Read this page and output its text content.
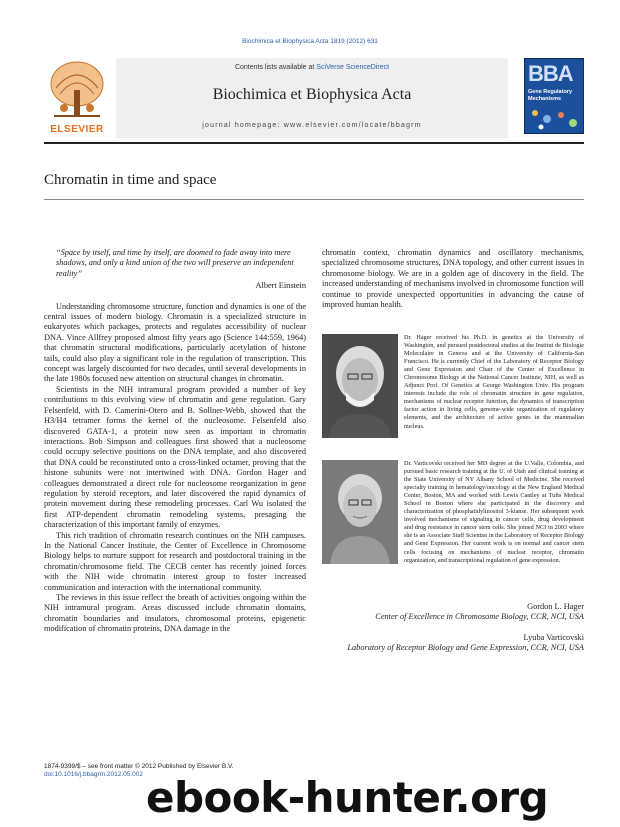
Biochimica et Biophysica Acta 1819 (2012) 631
ELSEVIER
Contents lists available at SciVerse ScienceDirect
Biochimica et Biophysica Acta
journal homepage: www.elsevier.com/locate/bbagrm
BBA
Gene Regulatory Mechanisms
Chromatin in time and space

“Space by itself, and time by itself, are doomed to fade away into mere shadows, and only a kind union of the two will preserve an independent reality”

Albert Einstein

Understanding chromosome structure, function and dynamics is one of the central issues of modern biology. Chromatin is a specialized structure in eukaryotes which packages, protects and regulates accessibility of nuclear DNA. Vince Allfrey proposed almost fifty years ago (Science 144:559, 1964) that chromatin structural modifications, particularly acetylation of histone tails, could also play a significant role in the regulation of transcription. This concept was largely discounted for two decades, until several developments in the late 1980s focused new attention on structural changes in chromatin.

Scientists in the NIH intramural program provided a number of key contributions to this evolving view of chromatin and gene regulation. Gary Felsenfeld, with D. Camerini-Otero and B. Sollner-Webb, showed that the H3/H4 tetramer forms the kernel of the nucleosome. Felsenfeld also discovered GATA-1, a protein now seen as important in chromatin interactions. Bob Simpson and colleagues first showed that a nucleosome could occupy selective positions on the DNA template, and also discovered that DNA could be reconstituted onto a cross-linked octamer, proving that the histone subunits were not intertwined with DNA. Gordon Hager and colleagues demonstrated a direct role for nucleosome reorganization in gene regulation by steroid receptors, and later discovered the rapid dynamics of protein movement during these remodeling processes. Carl Wu isolated the first ATP-dependent chromatin remodeling systems, presaging the characterization of this important family of enzymes.

This rich tradition of chromatin research continues on the NIH campuses. In the National Cancer Institute, the Center of Excellence in Chromosome Biology helps to nurture support for research and postdoctoral training in the chromatin/chromosome field. The CECB center has recently joined forces with the NIH wide chromatin interest group to foster increased communication and interaction with the international community.

The reviews in this issue reflect the breath of activities ongoing within the NIH intramural program. Areas discussed include chromatin domains, chromatin boundaries and insulators, chromosomal proteins, epigenetic modification of chromatin proteins, DNA damage in the

chromatin context, chromatin dynamics and oscillatory mechanisms, specialized chromosome structures, DNA topology, and other current issues in chromosome biology. We are in a golden age of discovery in the field. The increased understanding of mechanisms involved in chromosome function will continue to provide unexpected opportunities in advancing the cause of improved human health.

Dr. Hager received his Ph.D. in genetics at the University of Washington, and pursued postdoctoral studies at the Institut de Biologie Moleculaire in Geneva and at the University of California-San Francisco. He is currently Chief of the Laboratory of Receptor Biology and Gene Expression and Chair of the Center of Excellence in Chromosome Biology at the National Cancer Institute, NIH, as well as Adjunct Prof. Of Genetics at George Washington Univ. His program interests include the role of chromatin structure in gene regulation, mechanisms of nuclear receptor function, the dynamics of transcription factor action in living cells, genome-wide organization of regulatory elements, and the architecture of active genes in the mammalian nucleus.
Dr. Varticovski received her MD degree at the U.Valle, Colombia, and pursued basic research training at the U. of Utah and clinical training at the State University of NY Albany School of Medicine. She received specialty training in hematology/oncology at the New England Medical Center, Boston, MA and worked with Lewis Cantley at Tufts Medical School in Boston where she participated in the discovery and characterization of phosphatidylinositol 3-kianse. Her subsequent work involved mechanisms of signaling in cancer cells, drug development and drug resistance in cancer stem cells. She joined NCI in 2003 where she is an Associate Staff Scientist in the Laboratory of Receptor Biology and Gene Expression. Her current work is on normal and cancer stem cells focusing on mechanisms of nuclear receptor, chromatin organization, and transcriptional regulation of gene expression.
Gordon L. Hager
Center of Excellence in Chromosome Biology, CCR, NCI, USA
Lyuba Varticovski
Laboratory of Receptor Biology and Gene Expression, CCR, NCI, USA
1874-9399/$ – see front matter © 2012 Published by Elsevier B.V.
doi:10.1016/j.bbagrm.2012.05.002 ebook-hunter.org
